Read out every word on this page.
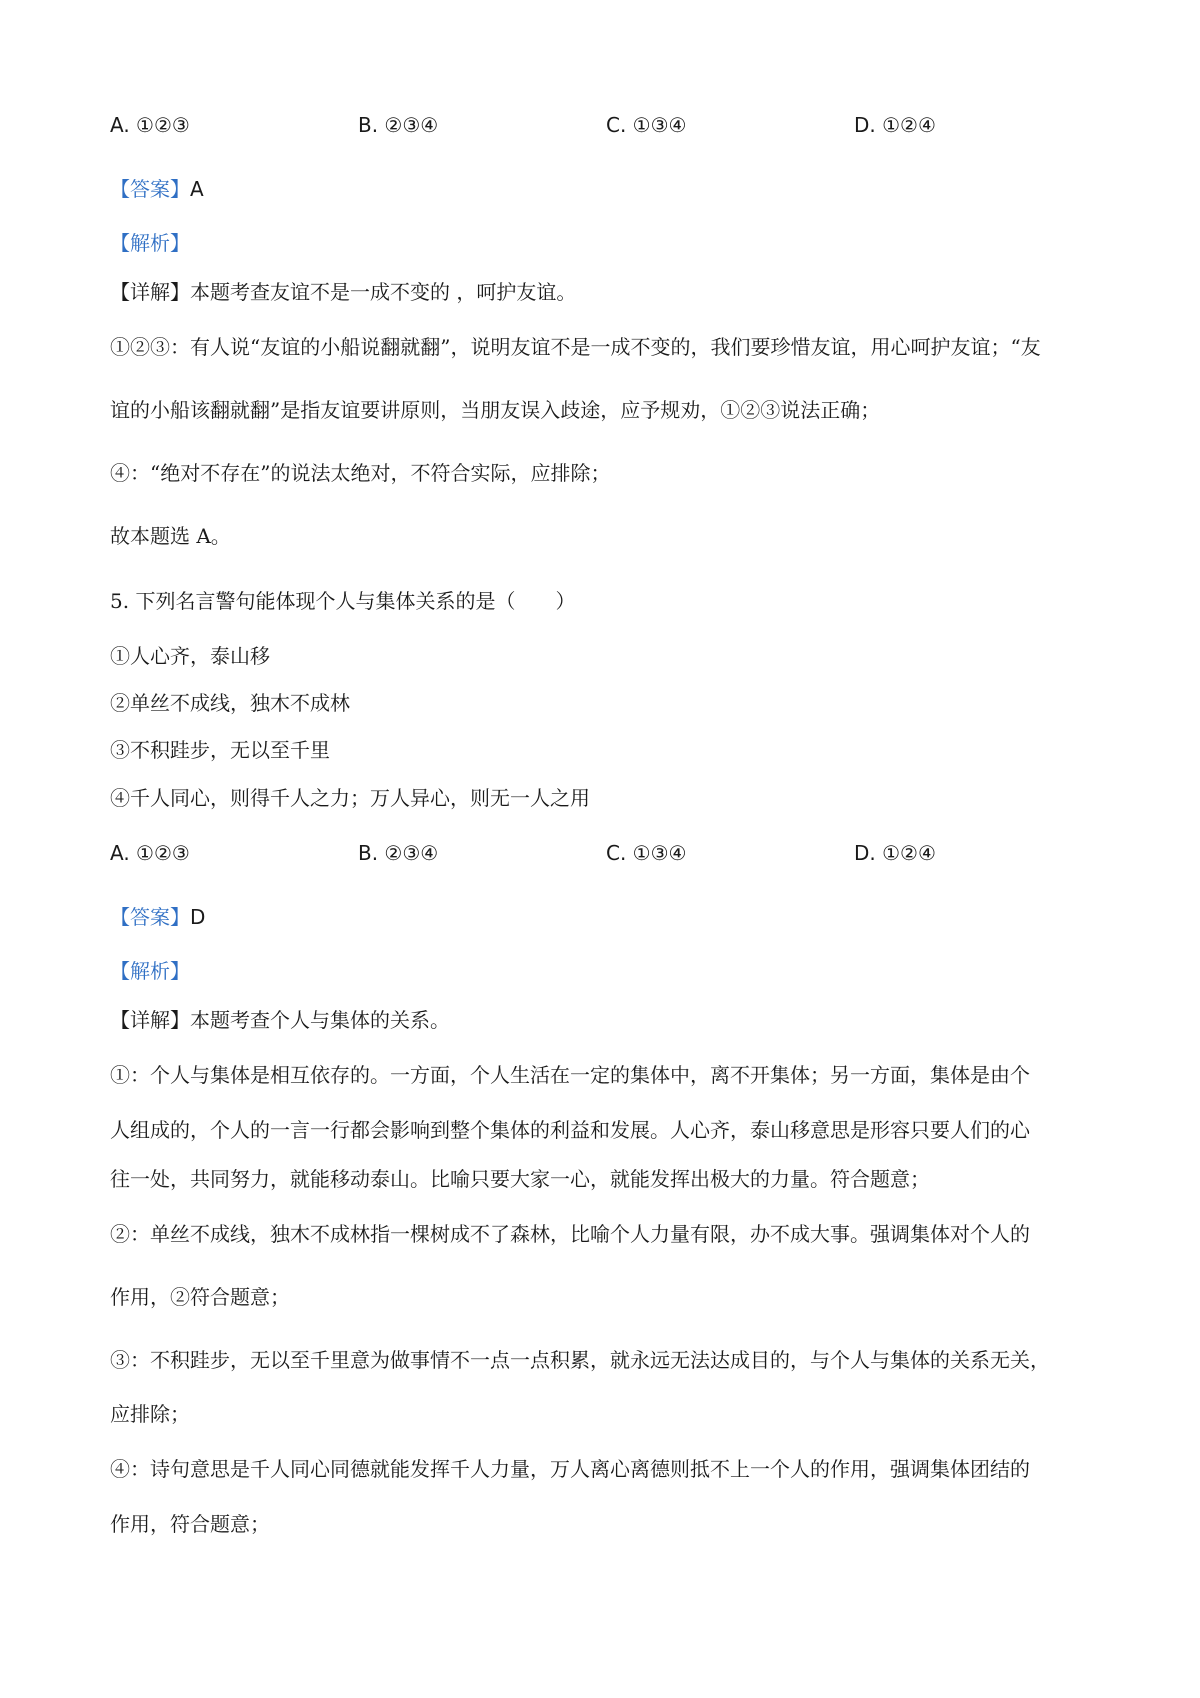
A. ①②③	B. ②③④	C. ①③④	D. ①②④
【答案】A
【解析】
【详解】本题考查友谊不是一成不变的 ，呵护友谊。
①②③：有人说“友谊的小船说翻就翻”，说明友谊不是一成不变的，我们要珍惜友谊，用心呵护友谊；“友
谊的小船该翻就翻”是指友谊要讲原则，当朋友误入歧途，应予规劝，①②③说法正确；
④：“绝对不存在”的说法太绝对，不符合实际，应排除；
故本题选 A。
5. 下列名言警句能体现个人与集体关系的是（　　）
①人心齐，泰山移
②单丝不成线，独木不成林
③不积跬步，无以至千里
④千人同心，则得千人之力；万人异心，则无一人之用
A. ①②③	B. ②③④	C. ①③④	D. ①②④
【答案】D
【解析】
【详解】本题考查个人与集体的关系。
①：个人与集体是相互依存的。一方面，个人生活在一定的集体中，离不开集体；另一方面，集体是由个
人组成的，个人的一言一行都会影响到整个集体的利益和发展。人心齐，泰山移意思是形容只要人们的心
往一处，共同努力，就能移动泰山。比喻只要大家一心，就能发挥出极大的力量。符合题意；
②：单丝不成线，独木不成林指一棵树成不了森林，比喻个人力量有限，办不成大事。强调集体对个人的
作用，②符合题意；
③：不积跬步，无以至千里意为做事情不一点一点积累，就永远无法达成目的，与个人与集体的关系无关，
应排除；
④：诗句意思是千人同心同德就能发挥千人力量，万人离心离德则抵不上一个人的作用，强调集体团结的
作用，符合题意；
